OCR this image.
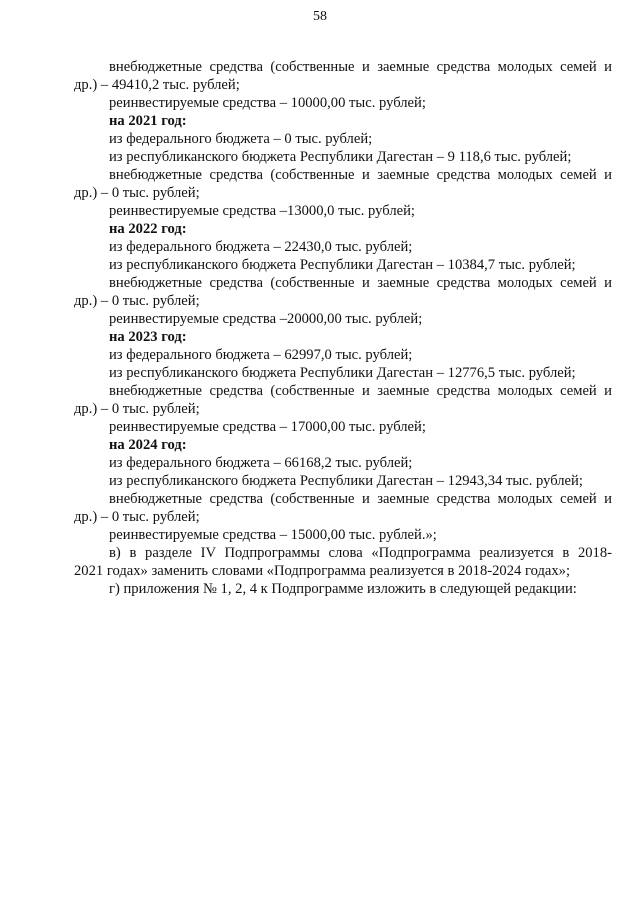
58
внебюджетные средства (собственные и заемные средства молодых семей и
др.) – 49410,2 тыс. рублей;
реинвестируемые средства – 10000,00 тыс. рублей;
на 2021 год:
из федерального бюджета – 0 тыс. рублей;
из республиканского бюджета Республики Дагестан – 9 118,6 тыс. рублей;
внебюджетные средства (собственные и заемные средства молодых семей и
др.) – 0 тыс. рублей;
реинвестируемые средства –13000,0 тыс. рублей;
на 2022 год:
из федерального бюджета – 22430,0 тыс. рублей;
из республиканского бюджета Республики Дагестан – 10384,7 тыс. рублей;
внебюджетные средства (собственные и заемные средства молодых семей и
др.) – 0 тыс. рублей;
реинвестируемые средства –20000,00 тыс. рублей;
на 2023 год:
из федерального бюджета – 62997,0 тыс. рублей;
из республиканского бюджета Республики Дагестан – 12776,5 тыс. рублей;
внебюджетные средства (собственные и заемные средства молодых семей и
др.) – 0 тыс. рублей;
реинвестируемые средства – 17000,00 тыс. рублей;
на 2024 год:
из федерального бюджета – 66168,2 тыс. рублей;
из республиканского бюджета Республики Дагестан – 12943,34 тыс. рублей;
внебюджетные средства (собственные и заемные средства молодых семей и
др.) – 0 тыс. рублей;
реинвестируемые средства – 15000,00 тыс. рублей.»;
в) в разделе IV Подпрограммы слова «Подпрограмма реализуется в 2018-
2021 годах» заменить словами «Подпрограмма реализуется в 2018-2024 годах»;
г) приложения № 1, 2, 4 к Подпрограмме изложить в следующей редакции:
